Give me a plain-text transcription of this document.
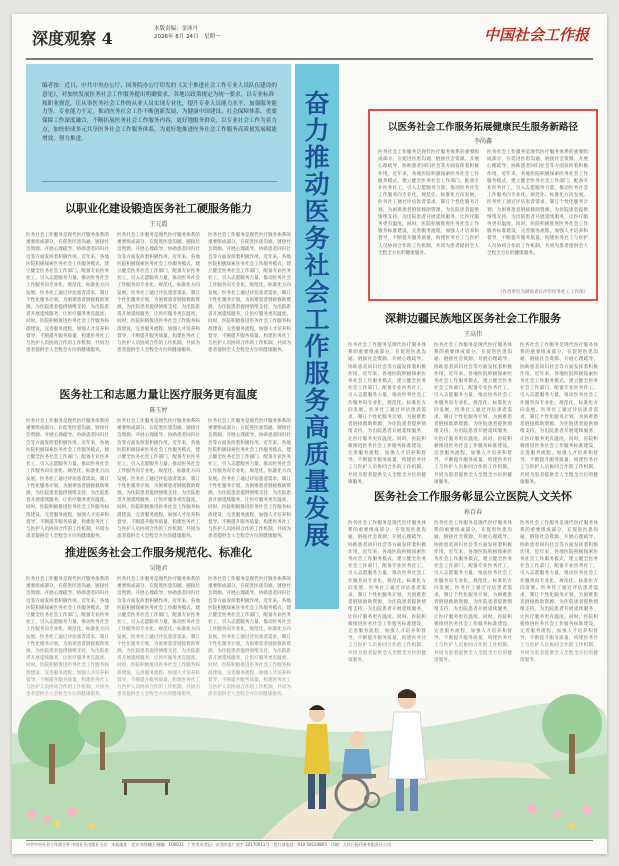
深度观察 4	本版责编：金沛丹
2026年 8月 24日　星期一	中国社会工作报
编者按：近日，中共中央办公厅、国务院办公厅印发的《关于推进社会工作专业人员队伍建设的意见》，对加快发展医务社会工作服务提出明确要求。各地以政策规定为统一要求，以专业标准和职业规范，让从事医务社会工作的从业人员实现专业化，提升专业人员能力水平，加强服务能力等，专业能力不足，推动医务社会工作不断创新发展，为健康中国建设、社会保障体系、重要保障工作深度融合，不断拓展医务社会工作服务内容，更好地服务群众，以专业社会工作为着力点，加快形成多元共享医务社会工作服务体系，为更好地推进医务社会工作服务高质量发展赋能增效，努力推进。
奋力推动医务社会工作服务高质量发展
以职业化建设锻造医务社工硬服务能力
王元霞
医务社会工作服务是现代医疗服务体系的重要组成部分，在促进医患沟通、链接社会资源、开展心理疏导、协助患者回归社会等方面发挥着积极作用。近年来，各地医院积极探索医务社会工作服务模式，建立健全医务社会工作部门，配备专业医务社工，引入志愿服务力量，推动医务社会工作服务向专业化、规范化、标准化方向发展。医务社工通过评估患者需求，制订个性化服务计划，为困难患者链接救助资源，为住院患者提供情绪支持，为出院患者开展延续服务，让医疗服务更有温度。同时，医院积极推进医务社会工作服务标准建设，完善服务流程，加强人才培养和督导，不断提升服务质量，构建医务社工与医护人员协同合作的工作机制，共同为患者提供全人全程全方位的健康服务。
医务社会工作服务是现代医疗服务体系的重要组成部分，在促进医患沟通、链接社会资源、开展心理疏导、协助患者回归社会等方面发挥着积极作用。近年来，各地医院积极探索医务社会工作服务模式，建立健全医务社会工作部门，配备专业医务社工，引入志愿服务力量，推动医务社会工作服务向专业化、规范化、标准化方向发展。医务社工通过评估患者需求，制订个性化服务计划，为困难患者链接救助资源，为住院患者提供情绪支持，为出院患者开展延续服务，让医疗服务更有温度。同时，医院积极推进医务社会工作服务标准建设，完善服务流程，加强人才培养和督导，不断提升服务质量，构建医务社工与医护人员协同合作的工作机制，共同为患者提供全人全程全方位的健康服务。
医务社会工作服务是现代医疗服务体系的重要组成部分，在促进医患沟通、链接社会资源、开展心理疏导、协助患者回归社会等方面发挥着积极作用。近年来，各地医院积极探索医务社会工作服务模式，建立健全医务社会工作部门，配备专业医务社工，引入志愿服务力量，推动医务社会工作服务向专业化、规范化、标准化方向发展。医务社工通过评估患者需求，制订个性化服务计划，为困难患者链接救助资源，为住院患者提供情绪支持，为出院患者开展延续服务，让医疗服务更有温度。同时，医院积极推进医务社会工作服务标准建设，完善服务流程，加强人才培养和督导，不断提升服务质量，构建医务社工与医护人员协同合作的工作机制，共同为患者提供全人全程全方位的健康服务。
医务社工和志愿力量让医疗服务更有温度
陈玉婷
医务社会工作服务是现代医疗服务体系的重要组成部分，在促进医患沟通、链接社会资源、开展心理疏导、协助患者回归社会等方面发挥着积极作用。近年来，各地医院积极探索医务社会工作服务模式，建立健全医务社会工作部门，配备专业医务社工，引入志愿服务力量，推动医务社会工作服务向专业化、规范化、标准化方向发展。医务社工通过评估患者需求，制订个性化服务计划，为困难患者链接救助资源，为住院患者提供情绪支持，为出院患者开展延续服务，让医疗服务更有温度。同时，医院积极推进医务社会工作服务标准建设，完善服务流程，加强人才培养和督导，不断提升服务质量，构建医务社工与医护人员协同合作的工作机制，共同为患者提供全人全程全方位的健康服务。
医务社会工作服务是现代医疗服务体系的重要组成部分，在促进医患沟通、链接社会资源、开展心理疏导、协助患者回归社会等方面发挥着积极作用。近年来，各地医院积极探索医务社会工作服务模式，建立健全医务社会工作部门，配备专业医务社工，引入志愿服务力量，推动医务社会工作服务向专业化、规范化、标准化方向发展。医务社工通过评估患者需求，制订个性化服务计划，为困难患者链接救助资源，为住院患者提供情绪支持，为出院患者开展延续服务，让医疗服务更有温度。同时，医院积极推进医务社会工作服务标准建设，完善服务流程，加强人才培养和督导，不断提升服务质量，构建医务社工与医护人员协同合作的工作机制，共同为患者提供全人全程全方位的健康服务。
医务社会工作服务是现代医疗服务体系的重要组成部分，在促进医患沟通、链接社会资源、开展心理疏导、协助患者回归社会等方面发挥着积极作用。近年来，各地医院积极探索医务社会工作服务模式，建立健全医务社会工作部门，配备专业医务社工，引入志愿服务力量，推动医务社会工作服务向专业化、规范化、标准化方向发展。医务社工通过评估患者需求，制订个性化服务计划，为困难患者链接救助资源，为住院患者提供情绪支持，为出院患者开展延续服务，让医疗服务更有温度。同时，医院积极推进医务社会工作服务标准建设，完善服务流程，加强人才培养和督导，不断提升服务质量，构建医务社工与医护人员协同合作的工作机制，共同为患者提供全人全程全方位的健康服务。
推进医务社会工作服务规范化、标准化
吴艳君
医务社会工作服务是现代医疗服务体系的重要组成部分，在促进医患沟通、链接社会资源、开展心理疏导、协助患者回归社会等方面发挥着积极作用。近年来，各地医院积极探索医务社会工作服务模式，建
医务社会工作服务是现代医疗服务体系的重要组成部分，在促进医患沟通、链接社会资源、开展心理疏导、协助患者回归社会等方面发挥着积极作用。近年来，各地医院积极探索医务社会工作服务模式，建
医务社会工作服务是现代医疗服务体系的重要组成部分，在促进医患沟通、链接社会资源、开展心理疏导、协助患者回归社会等方面发挥着积极作用。近年来，各地医院积极探索医务社会工作服务模式，建
以医务社会工作服务拓展健康民生服务新路径
李尚鑫
医务社会工作服务是现代医疗服务体系的重要组成部分，在促进医患沟通、链接社会资源、开展心理疏导、协助患者回归社会等方面发挥着积极作用。近年来，各地医院积极探索医务社会工作服务模式，建立健全医务社会工作部门，配备专业医务社工，引入志愿服务力量，推动医务社会工作服务向专业化、规范化、标准化方向发展。医务社工通过评估患者需求，制订个性化服务计划，为困难患者链接救助资源，为住院患者提供情绪支持，为出院患者开展延续服务，让医疗服务更有温度。同时，医院积极推进医务社会工作服务标准建设，完善服务流程，加强人才培养和督导，不断提升服务质量，构建医务社工与医护人员协同合作的工作机制，共同为患者提供全人全程全方位的健康服务。
医务社会工作服务是现代医疗服务体系的重要组成部分，在促进医患沟通、链接社会资源、开展心理疏导、协助患者回归社会等方面发挥着积极作用。近年来，各地医院积极探索医务社会工作服务模式，建立健全医务社会工作部门，配备专业医务社工，引入志愿服务力量，推动医务社会工作服务向专业化、规范化、标准化方向发展。医务社工通过评估患者需求，制订个性化服务计划，为困难患者链接救助资源，为住院患者提供情绪支持，为出院患者开展延续服务，让医疗服务更有温度。同时，医院积极推进医务社会工作服务标准建设，完善服务流程，加强人才培养和督导，不断提升服务质量，构建医务社工与医护人员协同合作的工作机制，共同为患者提供全人全程全方位的健康服务。
（作者单位为湖南省长沙市医务社工工作部）
深耕边疆民族地区医务社会工作服务
王高伟
医务社会工作服务是现代医疗服务体系的重要组成部分，在促进医患沟通、链接社会资源、开展心理疏导、协助患者回归社会等方面发挥着积极作用。近年来，各地医院积极探索医务社会工作服务模式，建立健全医务社会工作部门，配备专业医务社工，引入志愿服务力量，推动医务社会工作服务向专业化、规范化、标准化方向发展。医务社工通过评估患者需求，制订个性化服务计划，为困难患者链接救助资源，为住院患者提供情绪支持，为出院患者开展延续服务，让医疗服务更有温度。同时，医院积极推进医务社会工作服务标准建设，完善服务流程，加强人才培养和督导，不断提升服务质量，构建医务社工与医护人员协同合作的工作机制，共同为患者提供全人全程全方位的健康服务。
医务社会工作服务是现代医疗服务体系的重要组成部分，在促进医患沟通、链接社会资源、开展心理疏导、协助患者回归社会等方面发挥着积极作用。近年来，各地医院积极探索医务社会工作服务模式，建立健全医务社会工作部门，配备专业医务社工，引入志愿服务力量，推动医务社会工作服务向专业化、规范化、标准化方向发展。医务社工通过评估患者需求，制订个性化服务计划，为困难患者链接救助资源，为住院患者提供情绪支持，为出院患者开展延续服务，让医疗服务更有温度。同时，医院积极推进医务社会工作服务标准建设，完善服务流程，加强人才培养和督导，不断提升服务质量，构建医务社工与医护人员协同合作的工作机制，共同为患者提供全人全程全方位的健康服务。
医务社会工作服务是现代医疗服务体系的重要组成部分，在促进医患沟通、链接社会资源、开展心理疏导、协助患者回归社会等方面发挥着积极作用。近年来，各地医院积极探索医务社会工作服务模式，建立健全医务社会工作部门，配备专业医务社工，引入志愿服务力量，推动医务社会工作服务向专业化、规范化、标准化方向发展。医务社工通过评估患者需求，制订个性化服务计划，为困难患者链接救助资源，为住院患者提供情绪支持，为出院患者开展延续服务，让医疗服务更有温度。同时，医院积极推进医务社会工作服务标准建设，完善服务流程，加强人才培养和督导，不断提升服务质量，构建医务社工与医护人员协同合作的工作机制，共同为患者提供全人全程全方位的健康服务。
医务社会工作服务彰显公立医院人文关怀
孙百春
医务社会工作服务是现代医疗服务体系的重要组成部分，在促进医患沟通、链接社会资源、开展心理疏导、协助患者回归社会等方面发挥着积极作用。近年来，各地医院积极探索医务社会工作服务模式，建立健全医务社会工作部门，配备专业医务社工，引入志愿服务力量，推动医务社会工作服务向专业化、规范化、标准化方向发展。医务社工通过评估患者需求，制订个性化服务计划，为困难患者链接救助资源，为住院患者提供情绪支持，为出院患者开展延续服务，
医务社会工作服务是现代医疗服务体系的重要组成部分，在促进医患沟通、链接社会资源、开展心理疏导、协助患者回归社会等方面发挥着积极作用。近年来，各地医院积极探索医务社会工作服务模式，建立健全医务社会工作部门，配备专业医务社工，引入志愿服务力量，推动医务社会工作服务向专业化、规范化、标准化方向发展。医务社工通过评估患者需求，制订个性化服务计划，为困难患者链接救助资源，为住院患者提供情绪支持，为出院患者开展延续服务，
医务社会工作服务是现代医疗服务体系的重要组成部分，在促进医患沟通、链接社会资源、开展心理疏导、协助患者回归社会等方面发挥着积极作用。近年来，各地医院积极探索医务社会工作服务模式，建立健全医务社会工作部门，配备专业医务社工，引入志愿服务力量，推动医务社会工作服务向专业化、规范化、标准化方向发展。医务社工通过评估患者需求，制订个性化服务计划，为困难患者链接救助资源，为住院患者提供情绪支持，为出院患者开展延续服务，
中共中央社会工作部主管 中国社会出版社主办　本报地址：北京市西城区 邮编：100032　广告发布登记：京西市监广登字 20170011号　发行部电话：010-58124805　印刷：人民日报印务有限责任公司
